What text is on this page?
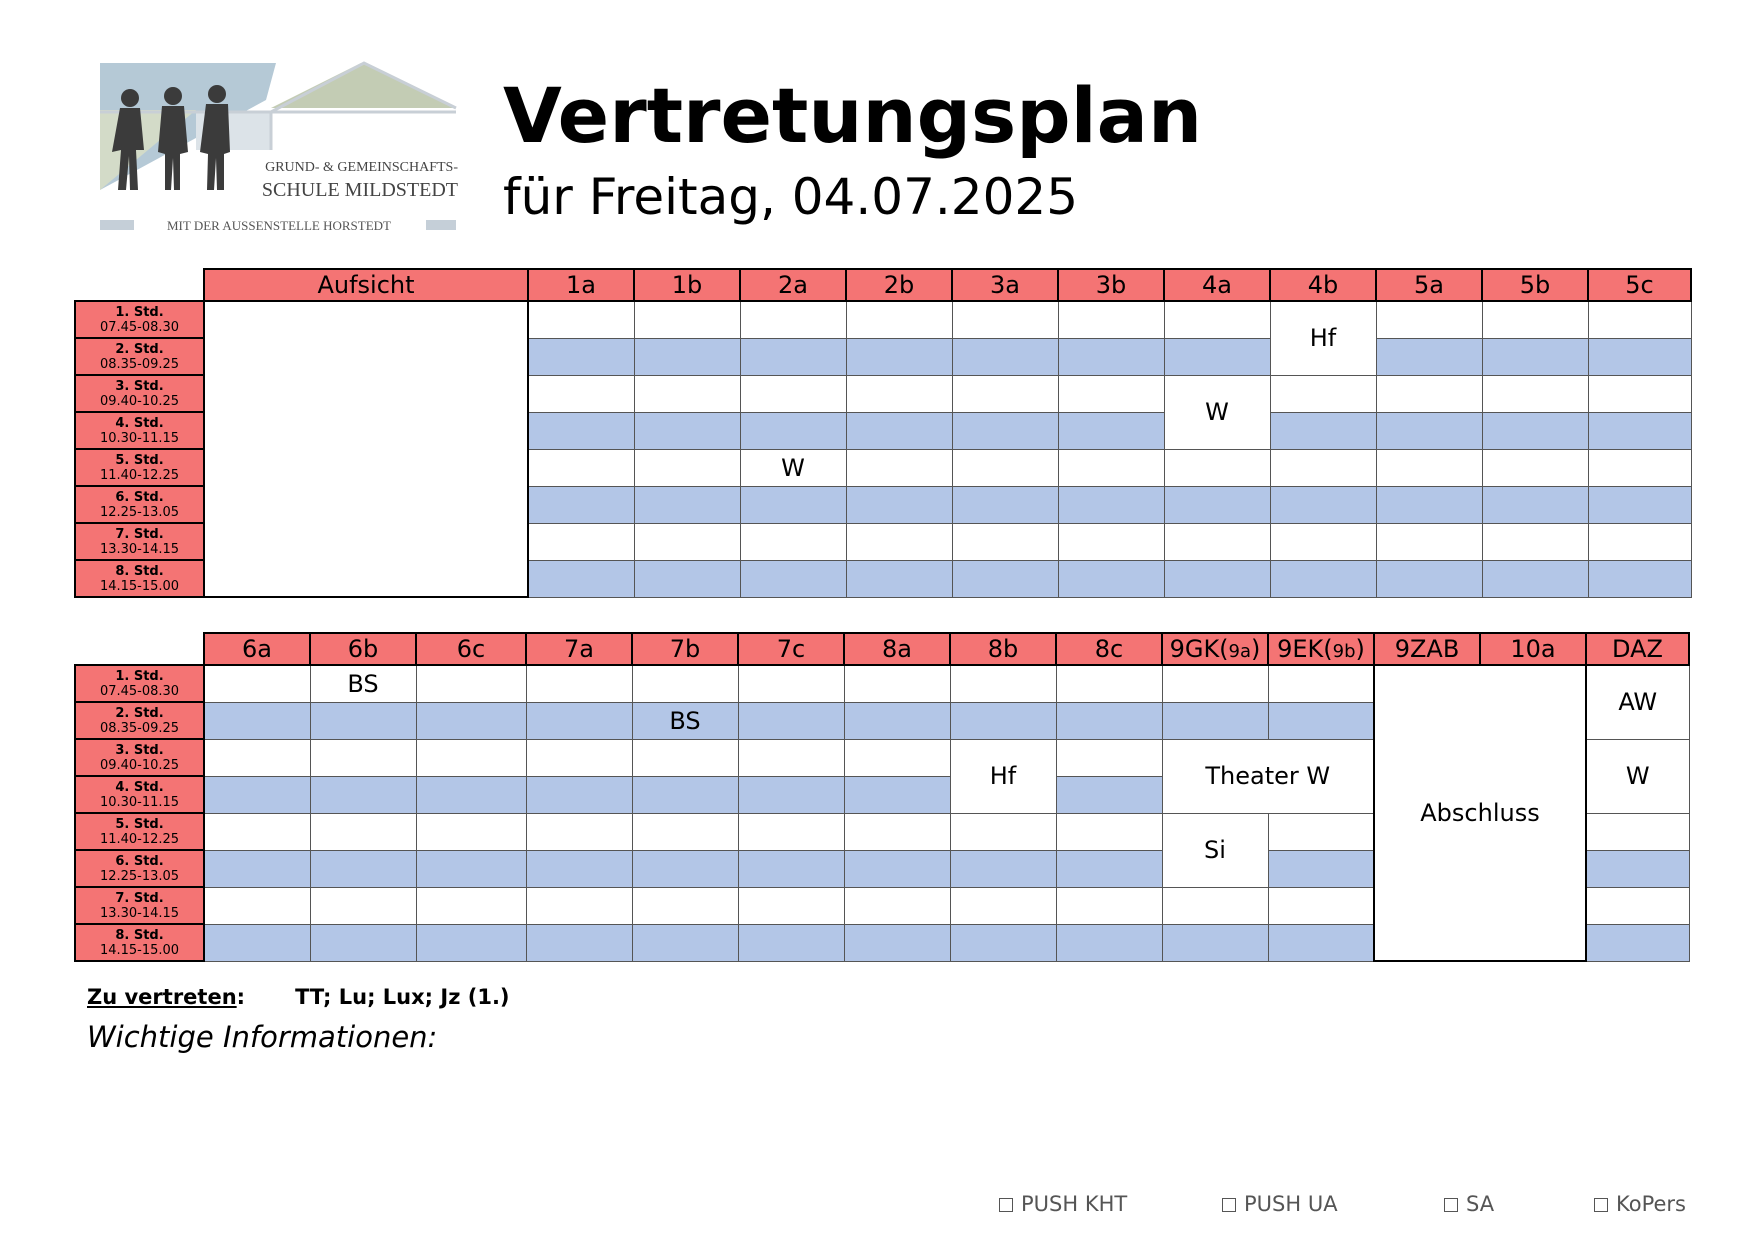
GRUND- & GEMEINSCHAFTS-
SCHULE MILDSTEDT
MIT DER AUSSENSTELLE HORSTEDT
Vertretungsplan
für Freitag, 04.07.2025
	Aufsicht	1a	1b	2a	2b	3a	3b	4a	4b	5a	5b	5c

1. Std.
07.45-08.30									Hf			

2. Std.
08.35-09.25												

3. Std.
09.40-10.25								W				

4. Std.
10.30-11.15												

5. Std.
11.40-12.25				W								

6. Std.
12.25-13.05												

7. Std.
13.30-14.15												

8. Std.
14.15-15.00												
	6a	6b	6c	7a	7b	7c	8a	8b	8c	9GK(9a)	9EK(9b)	9ZAB	10a	DAZ

1. Std.
07.45-08.30		BS										Abschluss		AW

2. Std.
08.35-09.25					BS									

3. Std.
09.40-10.25								Hf		Theater W				W

4. Std.
10.30-11.15														

5. Std.
11.40-12.25										Si				

6. Std.
12.25-13.05														

7. Std.
13.30-14.15														

8. Std.
14.15-15.00														
Zu vertreten: TT; Lu; Lux; Jz (1.)
Wichtige Informationen:
PUSH KHT	PUSH UA	SA	KoPers
